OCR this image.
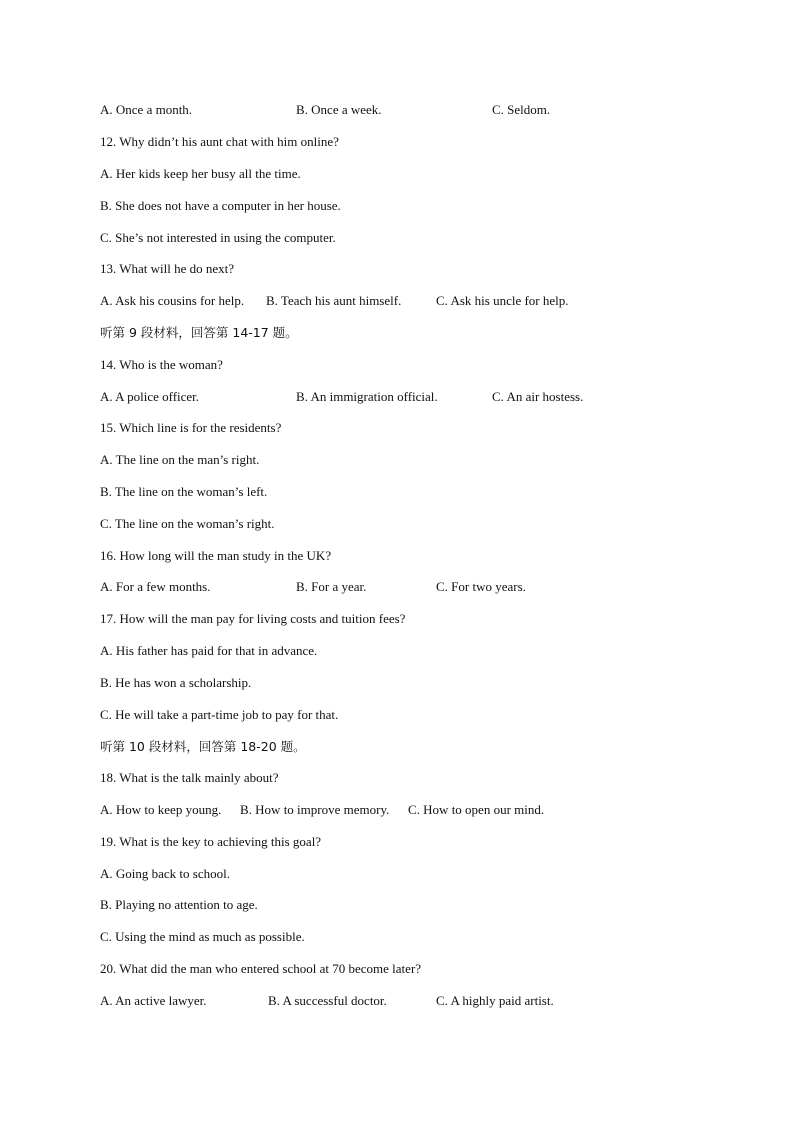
A. Once a month.	B. Once a week.	C. Seldom.
12. Why didn’t his aunt chat with him online?
A. Her kids keep her busy all the time.
B. She does not have a computer in her house.
C. She’s not interested in using the computer.
13. What will he do next?
A. Ask his cousins for help. B. Teach his aunt himself.	C. Ask his uncle for help.
听第 9 段材料，回答第 14-17 题。
14. Who is the woman?
A. A police officer.	B. An immigration official.	C. An air hostess.
15. Which line is for the residents?
A. The line on the man’s right.
B. The line on the woman’s left.
C. The line on the woman’s right.
16. How long will the man study in the UK?
A. For a few months.	B. For a year.	C. For two years.
17. How will the man pay for living costs and tuition fees?
A. His father has paid for that in advance.
B. He has won a scholarship.
C. He will take a part-time job to pay for that.
听第 10 段材料，回答第 18-20 题。
18. What is the talk mainly about?
A. How to keep young. B. How to improve memory. C. How to open our mind.
19. What is the key to achieving this goal?
A. Going back to school.
B. Playing no attention to age.
C. Using the mind as much as possible.
20. What did the man who entered school at 70 become later?
A. An active lawyer.	B. A successful doctor.	C. A highly paid artist.
